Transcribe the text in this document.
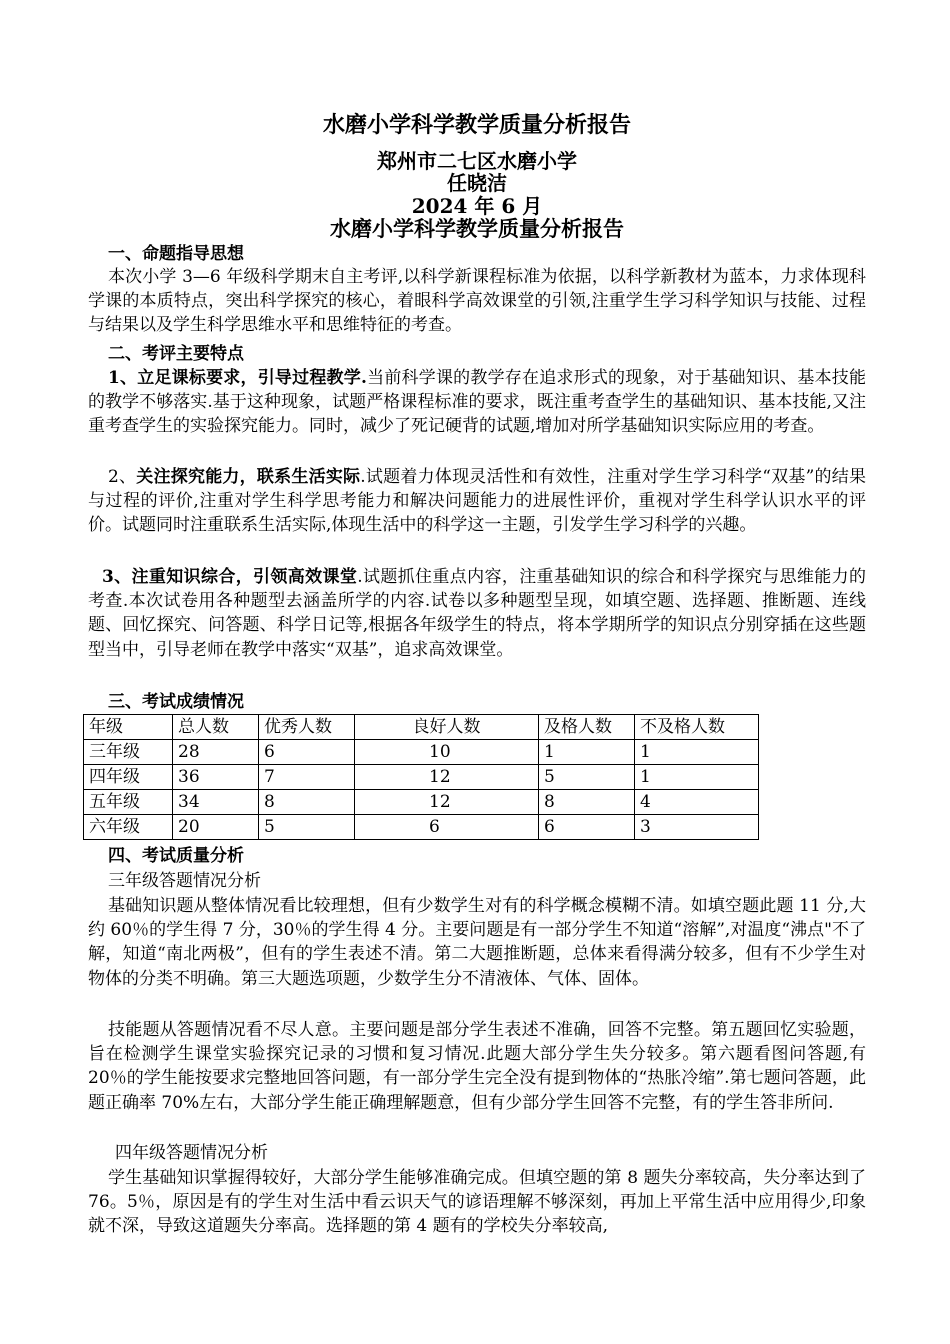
水磨小学科学教学质量分析报告
郑州市二七区水磨小学
任晓洁
2024 年 6 月
水磨小学科学教学质量分析报告
一、命题指导思想

本次小学 3—6 年级科学期末自主考评,以科学新课程标准为依据，以科学新教材为蓝本，力求体现科学课的本质特点，突出科学探究的核心，着眼科学高效课堂的引领,注重学生学习科学知识与技能、过程与结果以及学生科学思维水平和思维特征的考查。

二、考评主要特点

1、立足课标要求，引导过程教学.当前科学课的教学存在追求形式的现象，对于基础知识、基本技能的教学不够落实.基于这种现象，试题严格课程标准的要求，既注重考查学生的基础知识、基本技能,又注重考查学生的实验探究能力。同时，减少了死记硬背的试题,增加对所学基础知识实际应用的考查。

2、关注探究能力，联系生活实际.试题着力体现灵活性和有效性，注重对学生学习科学“双基”的结果与过程的评价,注重对学生科学思考能力和解决问题能力的进展性评价，重视对学生科学认识水平的评价。试题同时注重联系生活实际,体现生活中的科学这一主题，引发学生学习科学的兴趣。

3、注重知识综合，引领高效课堂.试题抓住重点内容，注重基础知识的综合和科学探究与思维能力的考查.本次试卷用各种题型去涵盖所学的内容.试卷以多种题型呈现，如填空题、选择题、推断题、连线题、回忆探究、问答题、科学日记等,根据各年级学生的特点，将本学期所学的知识点分别穿插在这些题型当中，引导老师在教学中落实“双基”，追求高效课堂。

三、考试成绩情况
年级	总人数	优秀人数	良好人数	及格人数	不及格人数
三年级	28	6	10	1	1
四年级	36	7	12	5	1
五年级	34	8	12	8	4
六年级	20	5	6	6	3
四、考试质量分析
三年级答题情况分析

基础知识题从整体情况看比较理想，但有少数学生对有的科学概念模糊不清。如填空题此题 11 分,大约 60％的学生得 7 分，30％的学生得 4 分。主要问题是有一部分学生不知道“溶解”,对温度“沸点"不了解，知道“南北两极”，但有的学生表述不清。第二大题推断题，总体来看得满分较多，但有不少学生对物体的分类不明确。第三大题选项题，少数学生分不清液体、气体、固体。

技能题从答题情况看不尽人意。主要问题是部分学生表述不准确，回答不完整。第五题回忆实验题，旨在检测学生课堂实验探究记录的习惯和复习情况.此题大部分学生失分较多。第六题看图问答题,有 20％的学生能按要求完整地回答问题，有一部分学生完全没有提到物体的“热胀冷缩”.第七题问答题，此题正确率 70%左右，大部分学生能正确理解题意，但有少部分学生回答不完整，有的学生答非所问.

四年级答题情况分析

学生基础知识掌握得较好，大部分学生能够准确完成。但填空题的第 8 题失分率较高，失分率达到了 76。5％，原因是有的学生对生活中看云识天气的谚语理解不够深刻，再加上平常生活中应用得少,印象就不深，导致这道题失分率高。选择题的第 4 题有的学校失分率较高,
